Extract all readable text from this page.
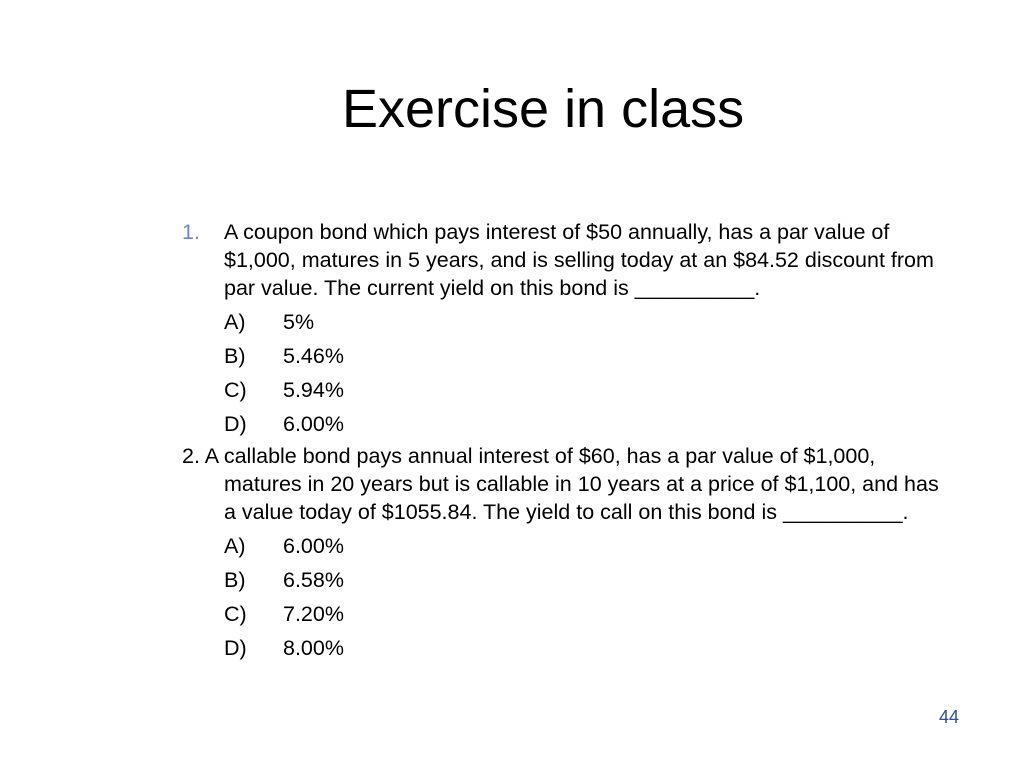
Exercise in class
1. A coupon bond which pays interest of $50 annually, has a par value of $1,000, matures in 5 years, and is selling today at an $84.52 discount from par value. The current yield on this bond is __________.
A) 5%
B) 5.46%
C) 5.94%
D) 6.00%
2. A callable bond pays annual interest of $60, has a par value of $1,000, matures in 20 years but is callable in 10 years at a price of $1,100, and has a value today of $1055.84. The yield to call on this bond is __________.
A) 6.00%
B) 6.58%
C) 7.20%
D) 8.00%
44
